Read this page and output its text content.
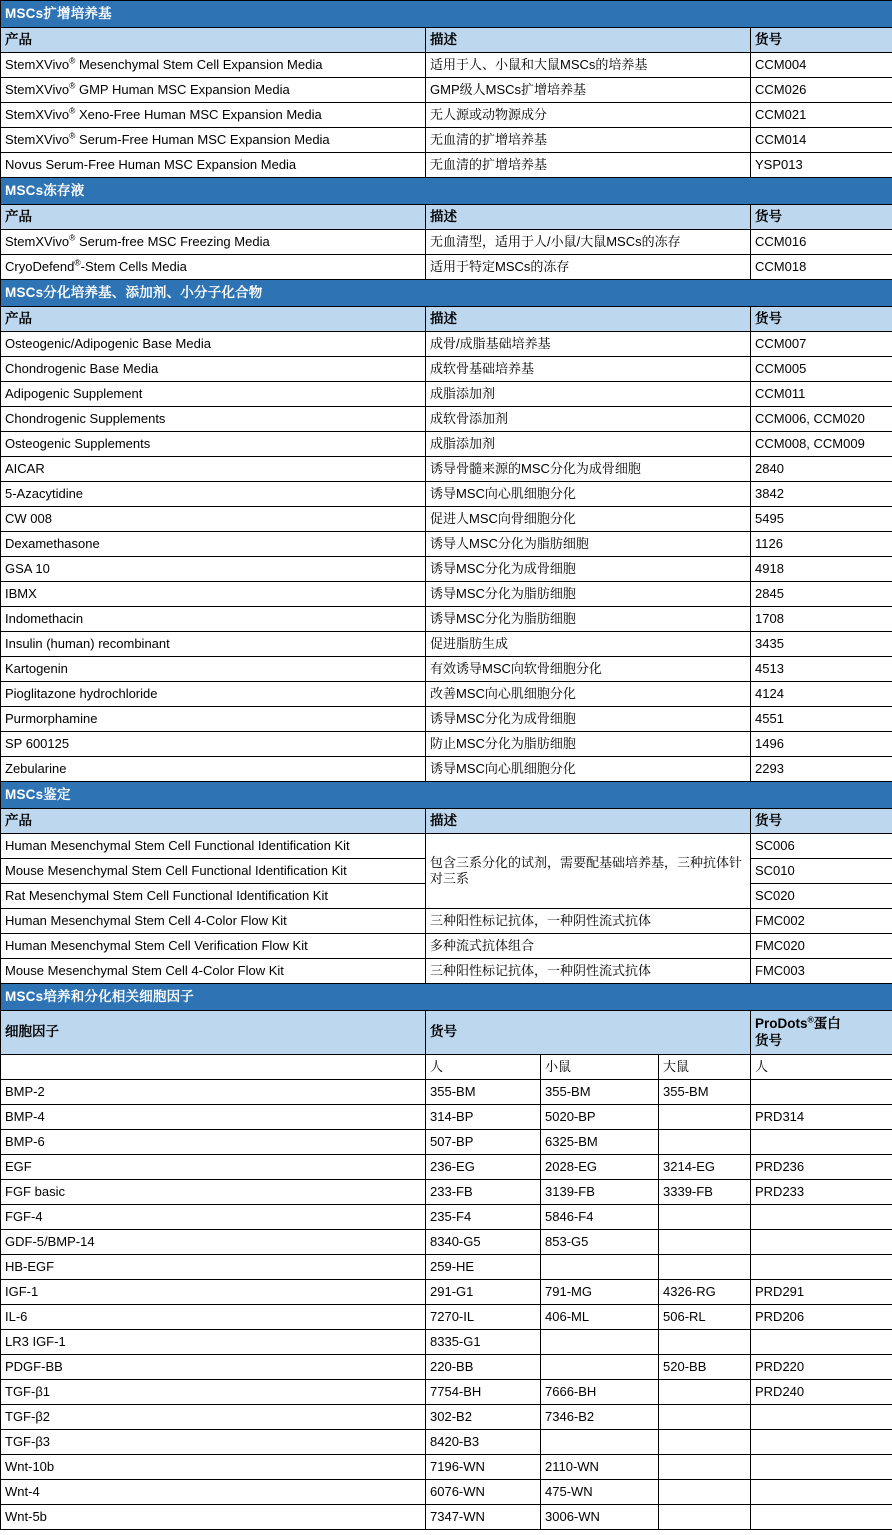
MSCs扩增培养基				
产品	描述			货号
StemXVivo® Mesenchymal Stem Cell Expansion Media	适用于人、小鼠和大鼠MSCs的培养基			CCM004
StemXVivo® GMP Human MSC Expansion Media	GMP级人MSCs扩增培养基			CCM026
StemXVivo® Xeno-Free Human MSC Expansion Media	无人源或动物源成分			CCM021
StemXVivo® Serum-Free Human MSC Expansion Media	无血清的扩增培养基			CCM014
Novus Serum-Free Human MSC Expansion Media	无血清的扩增培养基			YSP013
MSCs冻存液				
产品	描述			货号
StemXVivo® Serum-free MSC Freezing Media	无血清型，适用于人/小鼠/大鼠MSCs的冻存			CCM016
CryoDefend®-Stem Cells Media	适用于特定MSCs的冻存			CCM018
MSCs分化培养基、添加剂、小分子化合物				
产品	描述			货号
Osteogenic/Adipogenic Base Media	成骨/成脂基础培养基			CCM007
Chondrogenic Base Media	成软骨基础培养基			CCM005
Adipogenic Supplement	成脂添加剂			CCM011
Chondrogenic Supplements	成软骨添加剂			CCM006, CCM020
Osteogenic Supplements	成脂添加剂			CCM008, CCM009
AICAR	诱导骨髓来源的MSC分化为成骨细胞			2840
5-Azacytidine	诱导MSC向心肌细胞分化			3842
CW 008	促进人MSC向骨细胞分化			5495
Dexamethasone	诱导人MSC分化为脂肪细胞			1126
GSA 10	诱导MSC分化为成骨细胞			4918
IBMX	诱导MSC分化为脂肪细胞			2845
Indomethacin	诱导MSC分化为脂肪细胞			1708
Insulin (human) recombinant	促进脂肪生成			3435
Kartogenin	有效诱导MSC向软骨细胞分化			4513
Pioglitazone hydrochloride	改善MSC向心肌细胞分化			4124
Purmorphamine	诱导MSC分化为成骨细胞			4551
SP 600125	防止MSC分化为脂肪细胞			1496
Zebularine	诱导MSC向心肌细胞分化			2293
MSCs鉴定				
产品	描述			货号
Human Mesenchymal Stem Cell Functional Identification Kit	包含三系分化的试剂，需要配基础培养基，三种抗体针对三系			SC006
Mouse Mesenchymal Stem Cell Functional Identification Kit				SC010
Rat Mesenchymal Stem Cell Functional Identification Kit				SC020
Human Mesenchymal Stem Cell 4-Color Flow Kit	三种阳性标记抗体，一种阴性流式抗体			FMC002
Human Mesenchymal Stem Cell Verification Flow Kit	多种流式抗体组合			FMC020
Mouse Mesenchymal Stem Cell 4-Color Flow Kit	三种阳性标记抗体，一种阴性流式抗体			FMC003
MSCs培养和分化相关细胞因子				
细胞因子	货号			ProDots®蛋白
货号

	人	小鼠	大鼠	人
BMP-2	355-BM	355-BM	355-BM	
BMP-4	314-BP	5020-BP		PRD314
BMP-6	507-BP	6325-BM		
EGF	236-EG	2028-EG	3214-EG	PRD236
FGF basic	233-FB	3139-FB	3339-FB	PRD233
FGF-4	235-F4	5846-F4		
GDF-5/BMP-14	8340-G5	853-G5		
HB-EGF	259-HE			
IGF-1	291-G1	791-MG	4326-RG	PRD291
IL-6	7270-IL	406-ML	506-RL	PRD206
LR3 IGF-1	8335-G1			
PDGF-BB	220-BB		520-BB	PRD220
TGF-β1	7754-BH	7666-BH		PRD240
TGF-β2	302-B2	7346-B2		
TGF-β3	8420-B3			
Wnt-10b	7196-WN	2110-WN		
Wnt-4	6076-WN	475-WN		
Wnt-5b	7347-WN	3006-WN		
